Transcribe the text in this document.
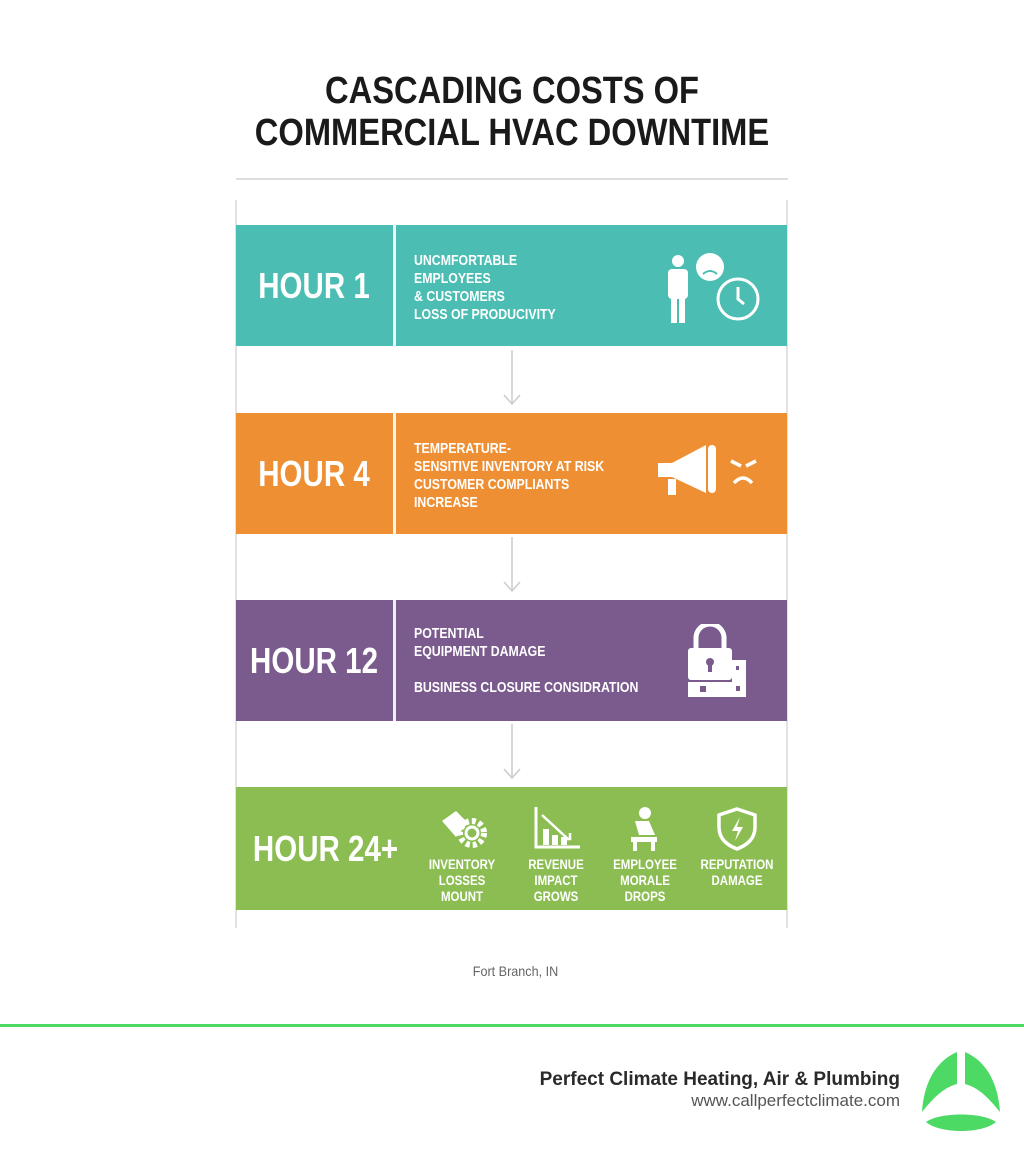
CASCADING COSTS OF
COMMERCIAL HVAC DOWNTIME
HOUR 1
UNCMFORTABLE
EMPLOYEES
& CUSTOMERS
LOSS OF PRODUCIVITY
HOUR 4
TEMPERATURE-
SENSITIVE INVENTORY AT RISK
CUSTOMER COMPLIANTS
INCREASE
HOUR 12
POTENTIAL
EQUIPMENT DAMAGE
BUSINESS CLOSURE CONSIDRATION
HOUR 24+	INVENTORY LOSSES
MOUNT
REVENUE
IMPACT
GROWS
EMPLOYEE
MORALE
DROPS
REPUTATION
DAMAGE
Fort Branch, IN
Perfect Climate Heating, Air & Plumbing
www.callperfectclimate.com
